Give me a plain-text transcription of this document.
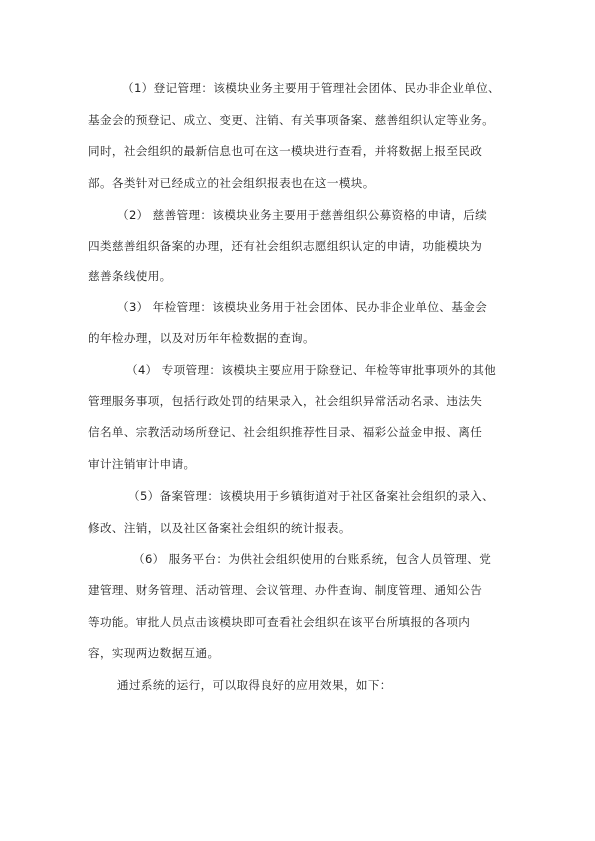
（1）登记管理：该模块业务主要用于管理社会团体、民办非企业单位、
基金会的预登记、成立、变更、注销、有关事项备案、慈善组织认定等业务。
同时，社会组织的最新信息也可在这一模块进行查看，并将数据上报至民政
部。各类针对已经成立的社会组织报表也在这一模块。
（2） 慈善管理：该模块业务主要用于慈善组织公募资格的申请，后续
四类慈善组织备案的办理，还有社会组织志愿组织认定的申请，功能模块为
慈善条线使用。
（3） 年检管理：该模块业务用于社会团体、民办非企业单位、基金会
的年检办理，以及对历年年检数据的查询。
（4） 专项管理：该模块主要应用于除登记、年检等审批事项外的其他
管理服务事项，包括行政处罚的结果录入，社会组织异常活动名录、违法失
信名单、宗教活动场所登记、社会组织推荐性目录、福彩公益金申报、离任
审计注销审计申请。
（5）备案管理：该模块用于乡镇街道对于社区备案社会组织的录入、
修改、注销，以及社区备案社会组织的统计报表。
（6） 服务平台：为供社会组织使用的台账系统，包含人员管理、党
建管理、财务管理、活动管理、会议管理、办件查询、制度管理、通知公告
等功能。审批人员点击该模块即可查看社会组织在该平台所填报的各项内
容，实现两边数据互通。
通过系统的运行，可以取得良好的应用效果，如下：
